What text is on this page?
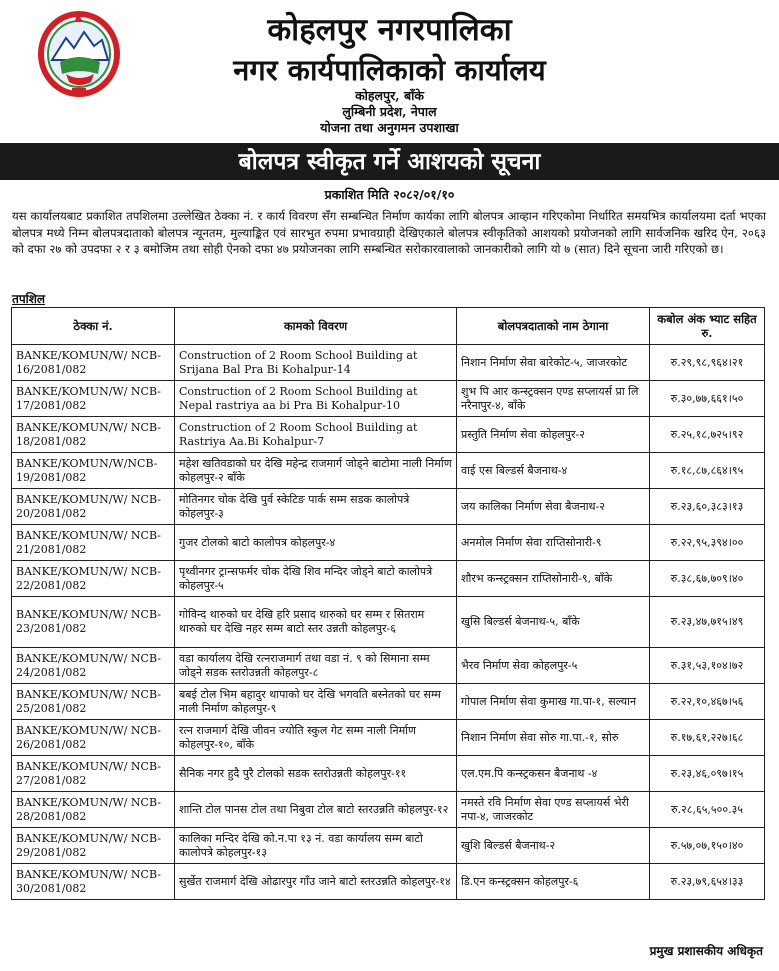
कोहलपुर नगरपालिका
नगर कार्यपालिकाको कार्यालय
कोहलपुर, बाँके
लुम्बिनी प्रदेश, नेपाल
योजना तथा अनुगमन उपशाखा
बोलपत्र स्वीकृत गर्ने आशयको सूचना
प्रकाशित मिति २०८२/०१/१०

यस कार्यालयबाट प्रकाशित तपशिलमा उल्लेखित ठेक्का नं. र कार्य विवरण सँग सम्बन्धित निर्माण कार्यका लागि बोलपत्र आव्हान गरिएकोमा निर्धारित समयभित्र कार्यालयमा दर्ता भएका बोलपत्र मध्ये निम्न बोलपत्रदाताको बोलपत्र न्यूनतम, मुल्याङ्कित एवं सारभुत रुपमा प्रभावग्राही देखिएकाले बोलपत्र स्वीकृतिको आशयको प्रयोजनको लागि सार्वजनिक खरिद ऐन, २०६३ को दफा २७ को उपदफा २ र ३ बमोजिम तथा सोही ऐनको दफा ४७ प्रयोजनका लागि सम्बन्धित सरोकारवालाको जानकारीको लागि यो ७ (सात) दिने सूचना जारी गरिएको छ।

तपशिल
ठेक्का नं.	कामको विवरण	बोलपत्रदाताको नाम ठेगाना	कबोल अंक भ्याट सहित रु.
BANKE/KOMUN/W/ NCB-16/2081/082	Construction of 2 Room School Building at Srijana Bal Pra Bi Kohalpur-14	निशान निर्माण सेवा बारेकोट-५, जाजरकोट	रु.२९,९८,९६४।२१
BANKE/KOMUN/W/ NCB-17/2081/082	Construction of 2 Room School Building at Nepal rastriya aa bi Pra Bi Kohalpur-10	शुभ पि आर कन्स्ट्रक्सन एण्ड सप्लायर्स प्रा लि नरैनापुर-४, बाँके	रु.३०,७७,६६१।५०
BANKE/KOMUN/W/ NCB-18/2081/082	Construction of 2 Room School Building at Rastriya Aa.Bi Kohalpur-7	प्रस्तुति निर्माण सेवा कोहलपुर-२	रु.२५,१८,७२५।९२
BANKE/KOMUN/W/NCB-19/2081/082	महेश खतिवडाको घर देखि महेन्द्र राजमार्ग जोड्ने बाटोमा नाली निर्माण कोहलपुर-२ बाँके	वाई एस बिल्डर्स बैजनाथ-४	रु.१८,८७,८६४।९५
BANKE/KOMUN/W/ NCB-20/2081/082	मोतिनगर चोक देखि पुर्व स्केटिङ पार्क सम्म सडक कालोपत्रे कोहलपुर-३	जय कालिका निर्माण सेवा बैजनाथ-२	रु.२३,६०,३८३।१३
BANKE/KOMUN/W/ NCB-21/2081/082	गुजर टोलको बाटो कालोपत्र कोहलपुर-४	अनमोल निर्माण सेवा राप्तिसोनारी-९	रु.२२,९५,३९४।००
BANKE/KOMUN/W/ NCB-22/2081/082	पृथ्वीनगर ट्रान्सफर्मर चोक देखि शिव मन्दिर जोड्ने बाटो कालोपत्रे कोहलपुर-५	शौरभ कन्स्ट्रक्सन राप्तिसोनारी-९, बाँके	रु.३८,६७,७०९।४०
BANKE/KOMUN/W/ NCB-23/2081/082	गोविन्द थारुको घर देखि हरि प्रसाद थारुको घर सम्म र सितराम थारुको घर देखि नहर सम्म बाटो स्तर उन्नती कोहलपुर-६	खुसि बिल्डर्स बेजनाथ-५, बाँके	रु.२३,४७,७१५।४९
BANKE/KOMUN/W/ NCB-24/2081/082	वडा कार्यालय देखि रत्नराजमार्ग तथा वडा नं. ९ को सिमाना सम्म जोड्ने सडक स्तरोउन्नती कोहलपुर-८	भैरव निर्माण सेवा कोहलपुर-५	रु.३१,५३,१०४।७२
BANKE/KOMUN/W/ NCB-25/2081/082	बबई टोल भिम बहादुर थापाको घर देखि भगवति बस्नेतको घर सम्म नाली निर्माण कोहलपुर-९	गोपाल निर्माण सेवा कुमाख गा.पा-१, सल्यान	रु.२२,१०,४६७।५६
BANKE/KOMUN/W/ NCB-26/2081/082	रत्न राजमार्ग देखि जीवन ज्योति स्कुल गेट सम्म नाली निर्माण कोहलपुर-१०, बाँके	निशान निर्माण सेवा सोरु गा.पा.-१, सोरु	रु.१७,६१,२२७।६८
BANKE/KOMUN/W/ NCB-27/2081/082	सैनिक नगर हुदै पुरै टोलको सडक स्तरोउन्नती कोहलपुर-११	एल.एम.पि कन्स्ट्रकसन बैजनाथ -४	रु.२३,४६,०९७।१५
BANKE/KOMUN/W/ NCB-28/2081/082	शान्ति टोल पानस टोल तथा निबुवा टोल बाटो स्तरउन्नति कोहलपुर-१२	नमस्ते रवि निर्माण सेवा एण्ड सप्लायर्स भेरी नपा-४, जाजरकोट	रु.२८,६५,५००.३५
BANKE/KOMUN/W/ NCB-29/2081/082	कालिका मन्दिर देखि को.न.पा १३ नं. वडा कार्यालय सम्म बाटो कालोपत्रे कोहलपुर-१३	खुशि बिल्डर्स बैजनाथ-२	रु.५७,०७,१५०।४०
BANKE/KOMUN/W/ NCB-30/2081/082	सुर्खेत राजमार्ग देखि ओढारपुर गाँउ जाने बाटो स्तरउन्नति कोहलपुर-१४	डि.एन कन्स्ट्रक्सन कोहलपुर-६	रु.२३,७९,६५४।३३
प्रमुख प्रशासकीय अधिकृत
